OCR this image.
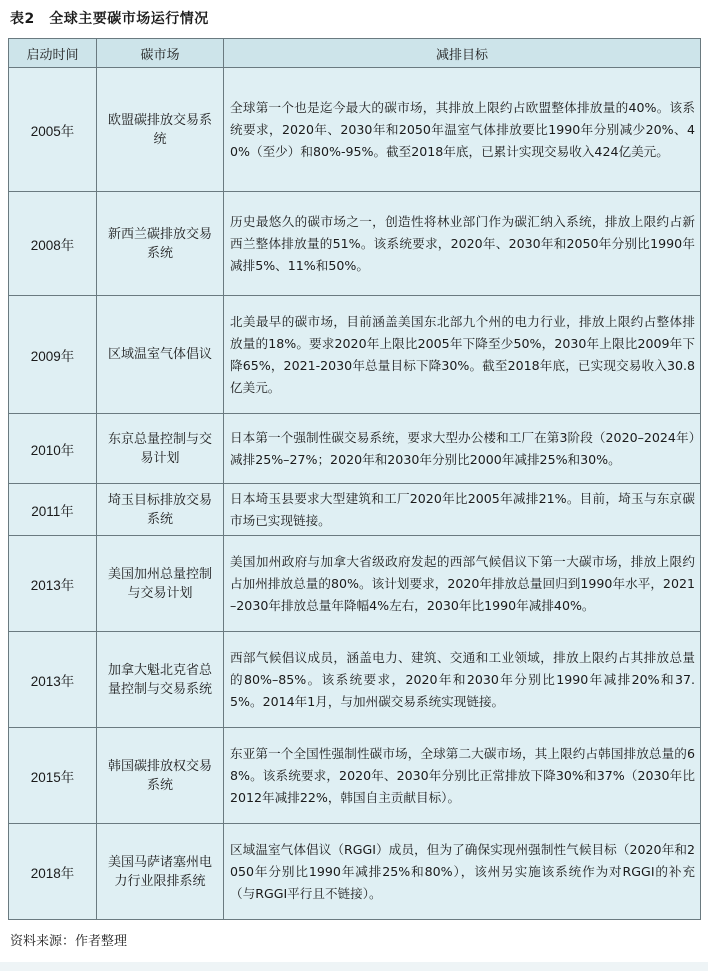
表2　全球主要碳市场运行情况
启动时间	碳市场	减排目标
2005年	欧盟碳排放交易系统	全球第一个也是迄今最大的碳市场，其排放上限约占欧盟整体排放量的40%。该系统要求，2020年、2030年和2050年温室气体排放要比1990年分别减少20%、40%（至少）和80%-95%。截至2018年底，已累计实现交易收入424亿美元。
2008年	新西兰碳排放交易系统	历史最悠久的碳市场之一，创造性将林业部门作为碳汇纳入系统，排放上限约占新西兰整体排放量的51%。该系统要求，2020年、2030年和2050年分别比1990年减排5%、11%和50%。
2009年	区域温室气体倡议	北美最早的碳市场，目前涵盖美国东北部九个州的电力行业，排放上限约占整体排放量的18%。要求2020年上限比2005年下降至少50%，2030年上限比2009年下降65%，2021-2030年总量目标下降30%。截至2018年底，已实现交易收入30.8亿美元。
2010年	东京总量控制与交易计划	日本第一个强制性碳交易系统，要求大型办公楼和工厂在第3阶段（2020–2024年）减排25%–27%；2020年和2030年分别比2000年减排25%和30%。
2011年	埼玉目标排放交易系统	日本埼玉县要求大型建筑和工厂2020年比2005年减排21%。目前，埼玉与东京碳市场已实现链接。
2013年	美国加州总量控制与交易计划	美国加州政府与加拿大省级政府发起的西部气候倡议下第一大碳市场，排放上限约占加州排放总量的80%。该计划要求，2020年排放总量回归到1990年水平，2021–2030年排放总量年降幅4%左右，2030年比1990年减排40%。
2013年	加拿大魁北克省总量控制与交易系统	西部气候倡议成员，涵盖电力、建筑、交通和工业领域，排放上限约占其排放总量的80%–85%。该系统要求，2020年和2030年分别比1990年减排20%和37.5%。2014年1月，与加州碳交易系统实现链接。
2015年	韩国碳排放权交易系统	东亚第一个全国性强制性碳市场，全球第二大碳市场，其上限约占韩国排放总量的68%。该系统要求，2020年、2030年分别比正常排放下降30%和37%（2030年比2012年减排22%，韩国自主贡献目标）。
2018年	美国马萨诸塞州电力行业限排系统	区域温室气体倡议（RGGI）成员，但为了确保实现州强制性气候目标（2020年和2050年分别比1990年减排25%和80%），该州另实施该系统作为对RGGI的补充（与RGGI平行且不链接）。
资料来源：作者整理
